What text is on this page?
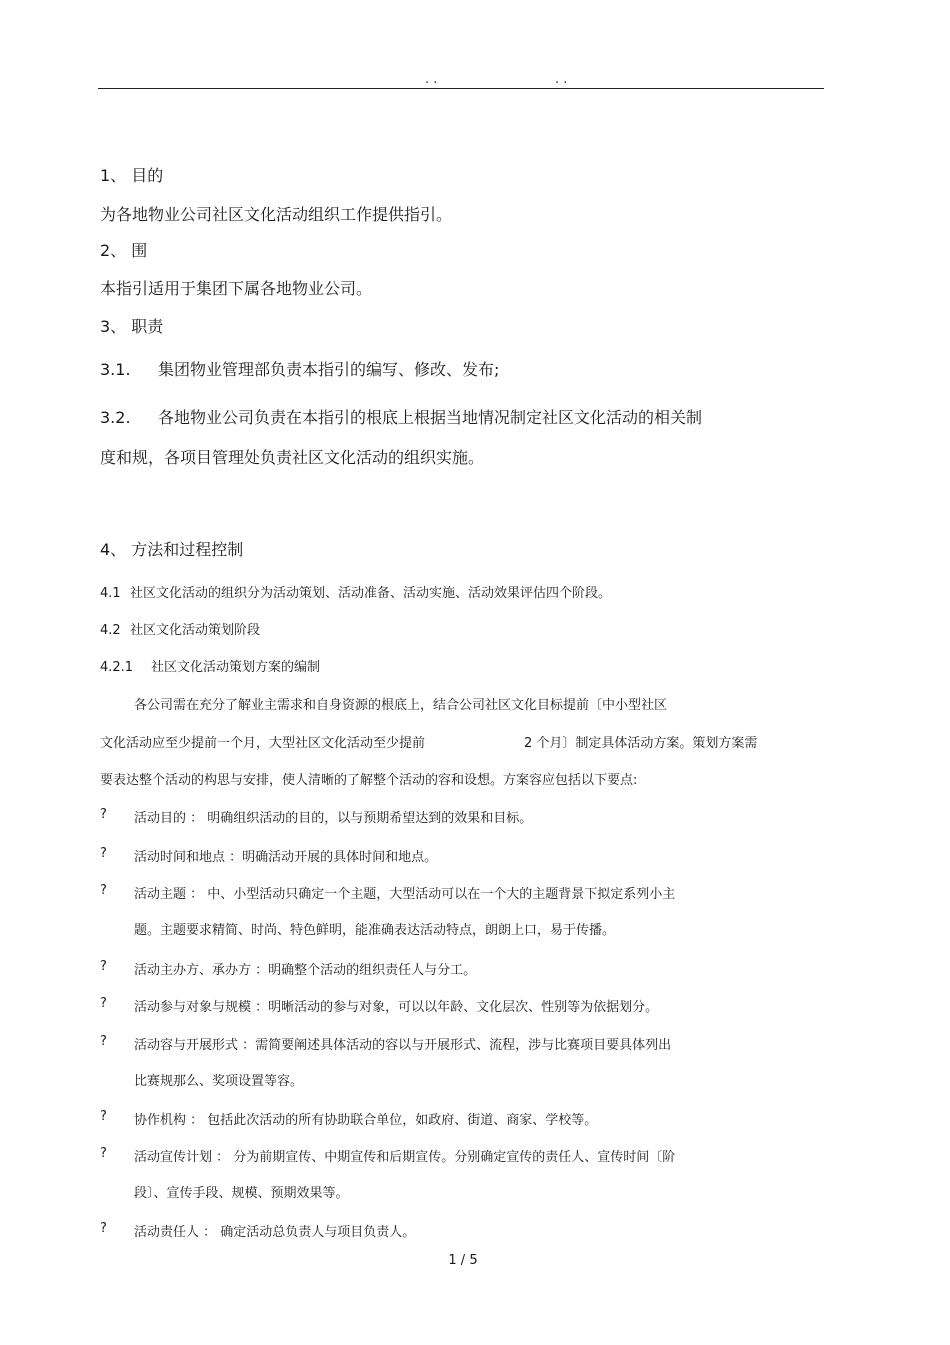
. .	. .
1、 目的
为各地物业公司社区文化活动组织工作提供指引。
2、 围
本指引适用于集团下属各地物业公司。
3、 职责
3.1. 集团物业管理部负责本指引的编写、修改、发布;
3.2. 各地物业公司负责在本指引的根底上根据当地情况制定社区文化活动的相关制
度和规，各项目管理处负责社区文化活动的组织实施。
4、 方法和过程控制
4.1 社区文化活动的组织分为活动策划、活动准备、活动实施、活动效果评估四个阶段。
4.2 社区文化活动策划阶段
4.2.1 社区文化活动策划方案的编制
各公司需在充分了解业主需求和自身资源的根底上，结合公司社区文化目标提前〔中小型社区
文化活动应至少提前一个月，大型社区文化活动至少提前	2 个月〕制定具体活动方案。策划方案需
要表达整个活动的构思与安排，使人清晰的了解整个活动的容和设想。方案容应包括以下要点:
? 活动目的 ： 明确组织活动的目的，以与预期希望达到的效果和目标。
? 活动时间和地点 ：明确活动开展的具体时间和地点。
? 活动主题 ： 中、小型活动只确定一个主题，大型活动可以在一个大的主题背景下拟定系列小主
题。主题要求精简、时尚、特色鲜明，能准确表达活动特点，朗朗上口，易于传播。
? 活动主办方、承办方 ：明确整个活动的组织责任人与分工。
? 活动参与对象与规模 ：明晰活动的参与对象，可以以年龄、文化层次、性别等为依据划分。
? 活动容与开展形式 ：需简要阐述具体活动的容以与开展形式、流程，涉与比赛项目要具体列出
比赛规那么、奖项设置等容。
? 协作机构 ： 包括此次活动的所有协助联合单位，如政府、街道、商家、学校等。
? 活动宣传计划 ： 分为前期宣传、中期宣传和后期宣传。分别确定宣传的责任人、宣传时间〔阶
段〕、宣传手段、规模、预期效果等。
? 活动责任人 ： 确定活动总负责人与项目负责人。
1 / 5
